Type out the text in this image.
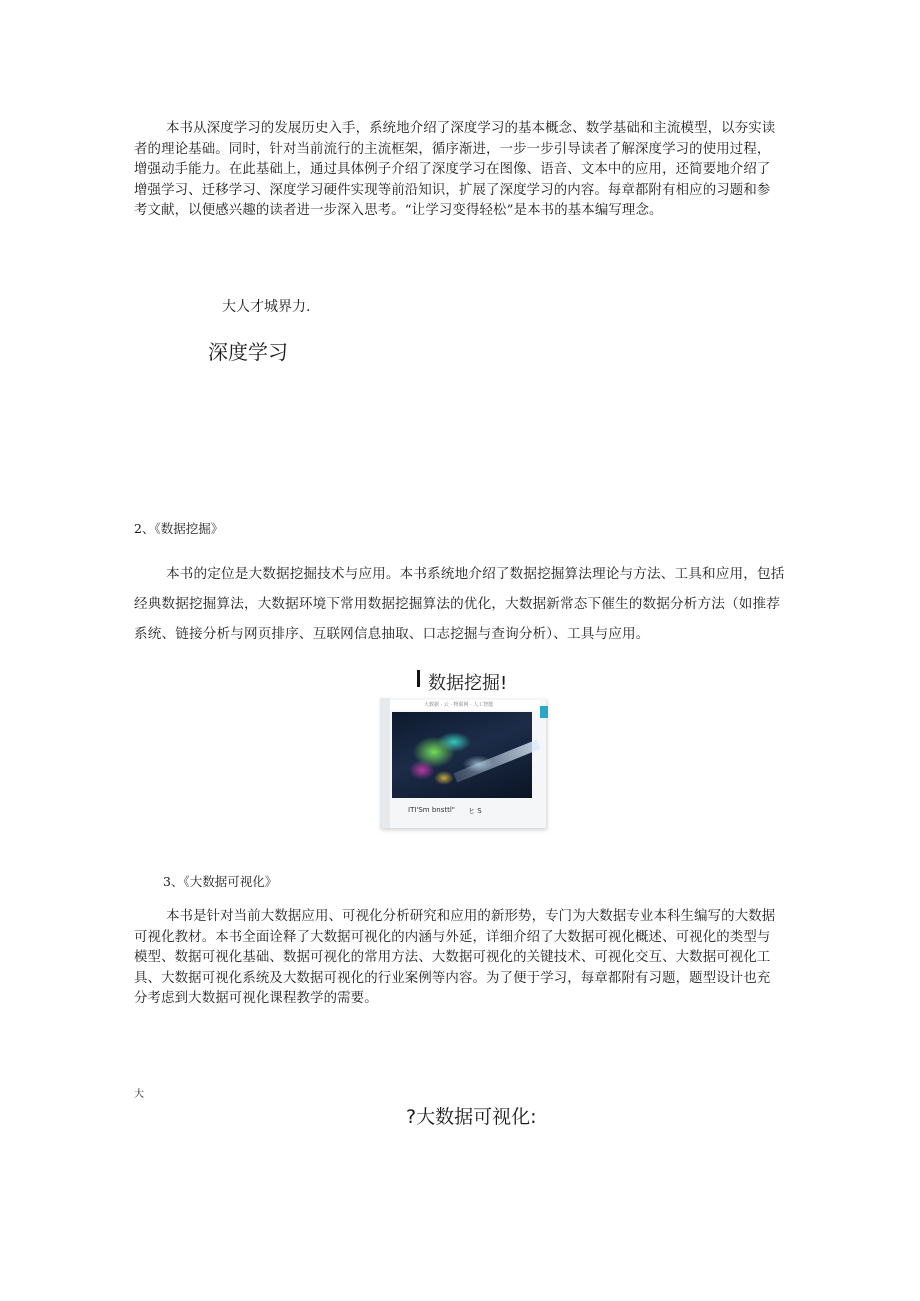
本书从深度学习的发展历史入手，系统地介绍了深度学习的基本概念、数学基础和主流模型，以夯实读
者的理论基础。同时，针对当前流行的主流框架，循序渐进，一步一步引导读者了解深度学习的使用过程，
增强动手能力。在此基础上，通过具体例子介绍了深度学习在图像、语音、文本中的应用，还简要地介绍了
增强学习、迁移学习、深度学习硬件实现等前沿知识，扩展了深度学习的内容。每章都附有相应的习题和参
考文献，以便感兴趣的读者进一步深入思考。“让学习变得轻松”是本书的基本编写理念。
大人才城界力.
深度学习
2、《数据挖掘》
本书的定位是大数据挖掘技术与应用。本书系统地介绍了数据挖掘算法理论与方法、工具和应用，包括
经典数据挖掘算法，大数据环境下常用数据挖掘算法的优化，大数据新常态下催生的数据分析方法（如推荐
系统、链接分析与网页排序、互联网信息抽取、口志挖掘与查询分析）、工具与应用。
数据挖掘!
大数据 · 云 · 物联网 · 人工智能
ITI'Sm bnsttl" ヒ S
3、《大数据可视化》
本书是针对当前大数据应用、可视化分析研究和应用的新形势，专门为大数据专业本科生编写的大数据
可视化教材。本书全面诠释了大数据可视化的内涵与外延，详细介绍了大数据可视化概述、可视化的类型与
模型、数据可视化基础、数据可视化的常用方法、大数据可视化的关键技术、可视化交互、大数据可视化工
具、大数据可视化系统及大数据可视化的行业案例等内容。为了便于学习，每章都附有习题，题型设计也充
分考虑到大数据可视化课程教学的需要。
大
?大数据可视化:
